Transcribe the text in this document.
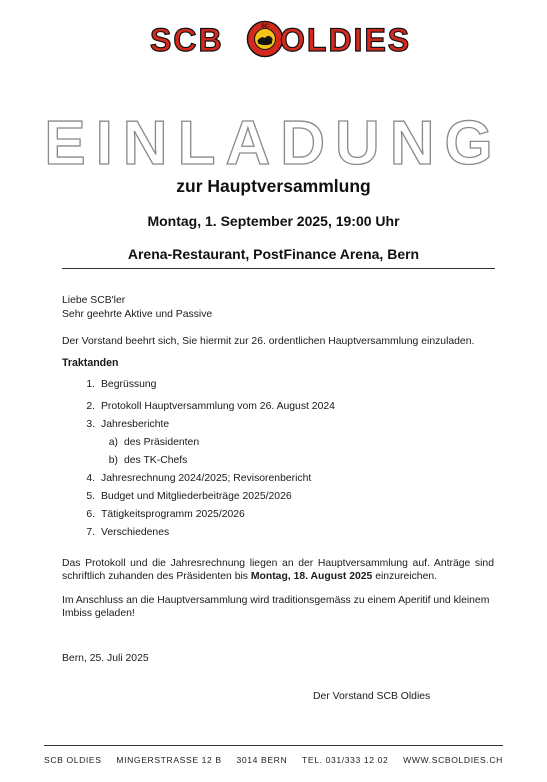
SCB	SC OLDIES
EINLADUNG
zur Hauptversammlung
Montag, 1. September 2025, 19:00 Uhr
Arena-Restaurant, PostFinance Arena, Bern
Liebe SCB'ler
Sehr geehrte Aktive und Passive
Der Vorstand beehrt sich, Sie hiermit zur 26. ordentlichen Hauptversammlung einzuladen.
Traktanden
1. Begrüssung
2. Protokoll Hauptversammlung vom 26. August 2024
3. Jahresberichte
a) des Präsidenten
b) des TK-Chefs
4. Jahresrechnung 2024/2025; Revisorenbericht
5. Budget und Mitgliederbeiträge 2025/2026
6. Tätigkeitsprogramm 2025/2026
7. Verschiedenes
Das Protokoll und die Jahresrechnung liegen an der Hauptversammlung auf. Anträge sind schriftlich zuhanden des Präsidenten bis Montag, 18. August 2025 einzureichen.
Im Anschluss an die Hauptversammlung wird traditionsgemäss zu einem Aperitif und kleinem Imbiss geladen!
Bern, 25. Juli 2025
Der Vorstand SCB Oldies
SCB OLDIES MINGERSTRASSE 12 B 3014 BERN TEL. 031/333 12 02 WWW.SCBOLDIES.CH
